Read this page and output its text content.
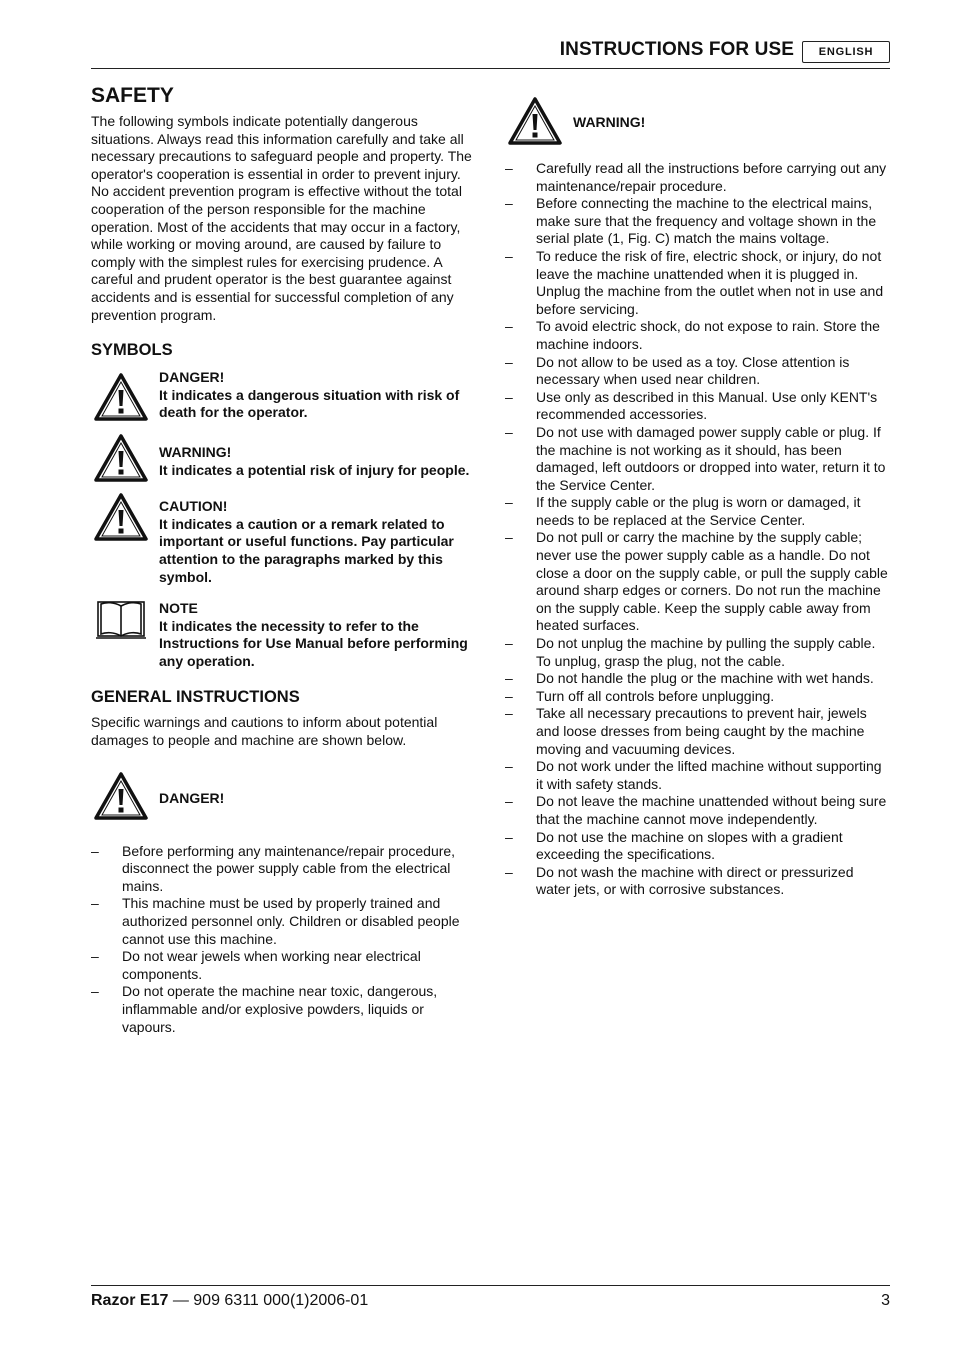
INSTRUCTIONS FOR USE	ENGLISH
SAFETY

The following symbols indicate potentially dangerous situations. Always read this information carefully and take all necessary precautions to safeguard people and property. The operator's cooperation is essential in order to prevent injury. No accident prevention program is effective without the total cooperation of the person responsible for the machine operation. Most of the accidents that may occur in a factory, while working or moving around, are caused by failure to comply with the simplest rules for exercising prudence. A careful and prudent operator is the best guarantee against accidents and is essential for successful completion of any prevention program.

SYMBOLS
DANGER!
It indicates a dangerous situation with risk of death for the operator.
WARNING!
It indicates a potential risk of injury for people.
CAUTION!
It indicates a caution or a remark related to important or useful functions. Pay particular attention to the paragraphs marked by this symbol.
NOTE
It indicates the necessity to refer to the Instructions for Use Manual before performing any operation.
GENERAL INSTRUCTIONS

Specific warnings and cautions to inform about potential damages to people and machine are shown below.

DANGER!
– Before performing any maintenance/repair procedure, disconnect the power supply cable from the electrical mains.
– This machine must be used by properly trained and authorized personnel only. Children or disabled people cannot use this machine.
– Do not wear jewels when working near electrical components.
– Do not operate the machine near toxic, dangerous, inflammable and/or explosive powders, liquids or vapours.
WARNING!
– Carefully read all the instructions before carrying out any maintenance/repair procedure.
– Before connecting the machine to the electrical mains, make sure that the frequency and voltage shown in the serial plate (1, Fig. C) match the mains voltage.
– To reduce the risk of fire, electric shock, or injury, do not leave the machine unattended when it is plugged in. Unplug the machine from the outlet when not in use and before servicing.
– To avoid electric shock, do not expose to rain. Store the machine indoors.
– Do not allow to be used as a toy. Close attention is necessary when used near children.
– Use only as described in this Manual. Use only KENT's recommended accessories.
– Do not use with damaged power supply cable or plug. If the machine is not working as it should, has been damaged, left outdoors or dropped into water, return it to the Service Center.
– If the supply cable or the plug is worn or damaged, it needs to be replaced at the Service Center.
– Do not pull or carry the machine by the supply cable; never use the power supply cable as a handle. Do not close a door on the supply cable, or pull the supply cable around sharp edges or corners. Do not run the machine on the supply cable. Keep the supply cable away from heated surfaces.
– Do not unplug the machine by pulling the supply cable. To unplug, grasp the plug, not the cable.
– Do not handle the plug or the machine with wet hands.
– Turn off all controls before unplugging.
– Take all necessary precautions to prevent hair, jewels and loose dresses from being caught by the machine moving and vacuuming devices.
– Do not work under the lifted machine without supporting it with safety stands.
– Do not leave the machine unattended without being sure that the machine cannot move independently.
– Do not use the machine on slopes with a gradient exceeding the specifications.
– Do not wash the machine with direct or pressurized water jets, or with corrosive substances.
Razor E17 — 909 6311 000(1)2006-01	3
